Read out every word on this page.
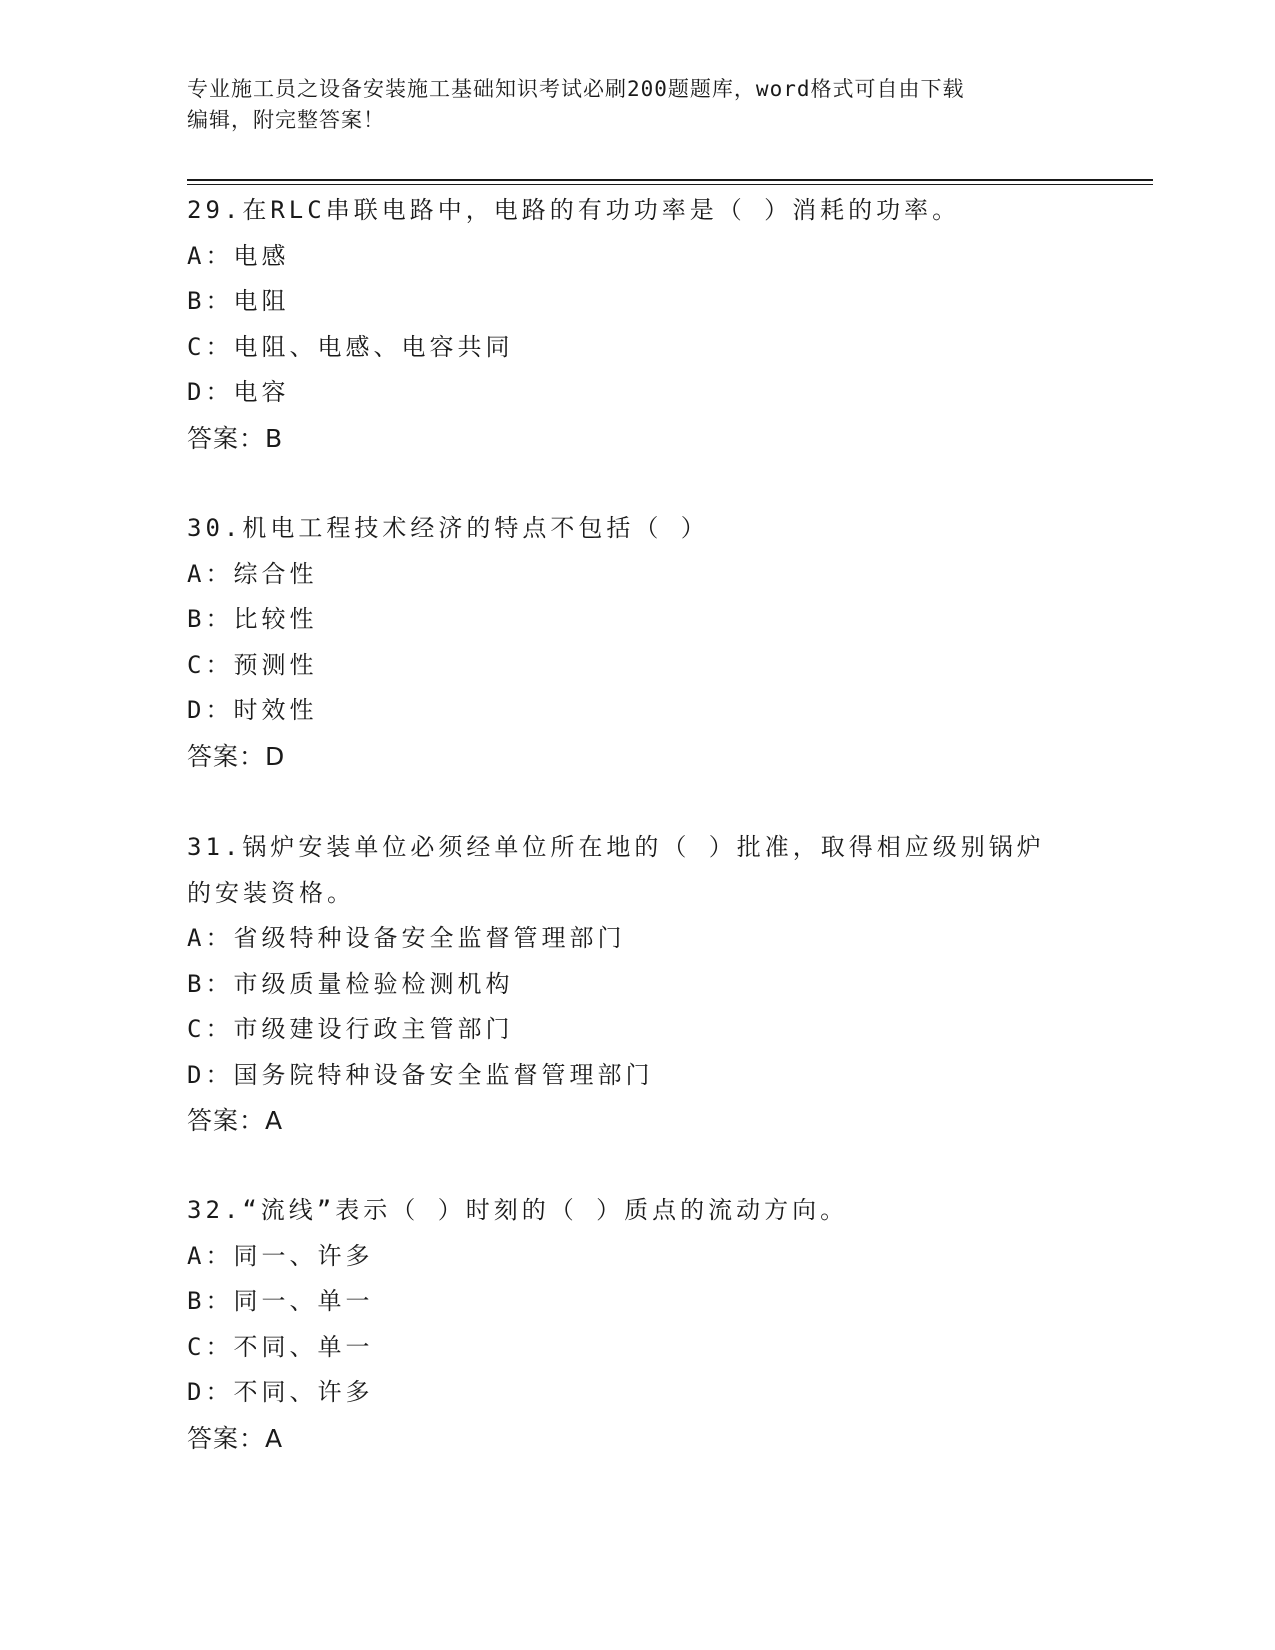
专业施工员之设备安装施工基础知识考试必刷200题题库，word格式可自由下载

编辑，附完整答案！

29.在RLC串联电路中，电路的有功功率是（ ）消耗的功率。

A：电感

B：电阻

C：电阻、电感、电容共同

D：电容

答案：B

30.机电工程技术经济的特点不包括（ ）

A：综合性

B：比较性

C：预测性

D：时效性

答案：D

31.锅炉安装单位必须经单位所在地的（ ）批准，取得相应级别锅炉
的安装资格。

A：省级特种设备安全监督管理部门

B：市级质量检验检测机构

C：市级建设行政主管部门

D：国务院特种设备安全监督管理部门

答案：A

32.“流线”表示（ ）时刻的（ ）质点的流动方向。

A：同一、许多

B：同一、单一

C：不同、单一

D：不同、许多

答案：A
